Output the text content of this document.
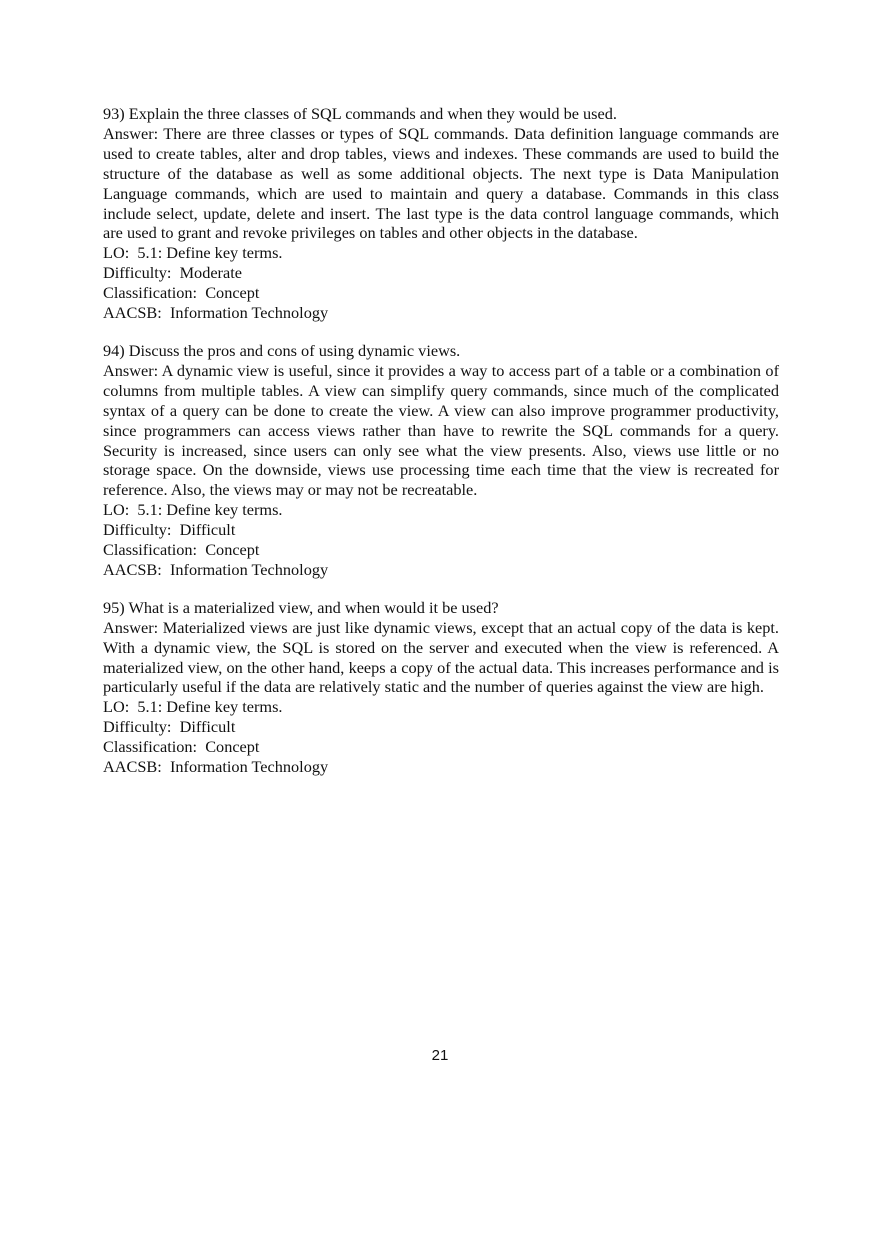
93) Explain the three classes of SQL commands and when they would be used.

Answer: There are three classes or types of SQL commands. Data definition language commands are used to create tables, alter and drop tables, views and indexes. These commands are used to build the structure of the database as well as some additional objects. The next type is Data Manipulation Language commands, which are used to maintain and query a database. Commands in this class include select, update, delete and insert. The last type is the data control language commands, which are used to grant and revoke privileges on tables and other objects in the database.

LO:  5.1: Define key terms.
Difficulty:  Moderate
Classification:  Concept
AACSB:  Information Technology

94) Discuss the pros and cons of using dynamic views.

Answer: A dynamic view is useful, since it provides a way to access part of a table or a combination of columns from multiple tables. A view can simplify query commands, since much of the complicated syntax of a query can be done to create the view. A view can also improve programmer productivity, since programmers can access views rather than have to rewrite the SQL commands for a query. Security is increased, since users can only see what the view presents. Also, views use little or no storage space. On the downside, views use processing time each time that the view is recreated for reference. Also, the views may or may not be recreatable.

LO:  5.1: Define key terms.
Difficulty:  Difficult
Classification:  Concept
AACSB:  Information Technology

95) What is a materialized view, and when would it be used?

Answer: Materialized views are just like dynamic views, except that an actual copy of the data is kept. With a dynamic view, the SQL is stored on the server and executed when the view is referenced. A materialized view, on the other hand, keeps a copy of the actual data. This increases performance and is particularly useful if the data are relatively static and the number of queries against the view are high.

LO:  5.1: Define key terms.
Difficulty:  Difficult
Classification:  Concept
AACSB:  Information Technology
21
